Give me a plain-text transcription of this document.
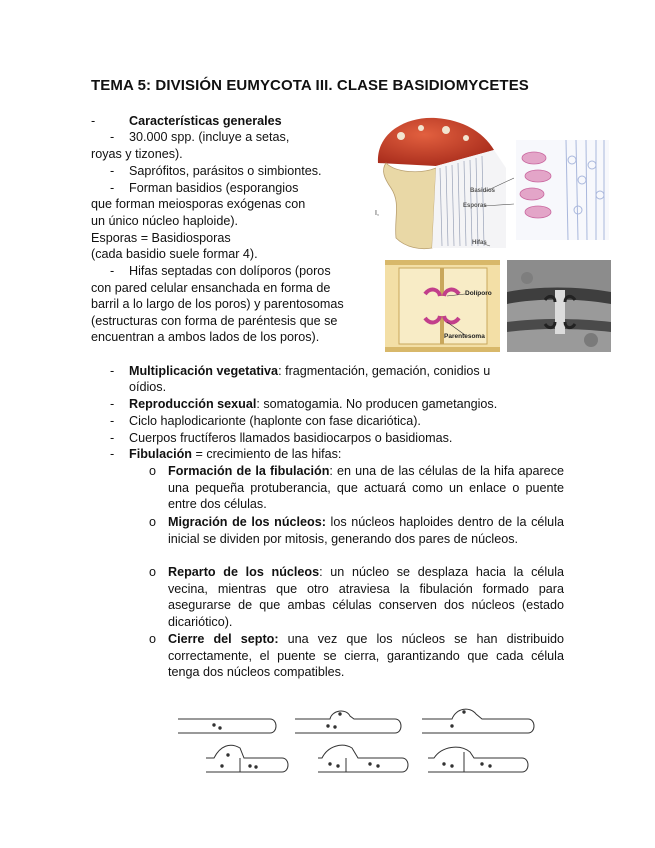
TEMA 5: DIVISIÓN EUMYCOTA III. CLASE BASIDIOMYCETES
-	Características generales
- 30.000 spp. (incluye a setas,
royas y tizones).
- Saprófitos, parásitos o simbiontes.
- Forman basidios (esporangios
que forman meiosporas exógenas con
un único núcleo haploide).
Esporas = Basidiosporas
(cada basidio suele formar 4).
- Hifas septadas con dolíporos (poros
con pared celular ensanchada en forma de
barril a lo largo de los poros) y parentosomas
(estructuras con forma de paréntesis que se
encuentran a ambos lados de los poros).
Basidios
Esporas
Hifas
I,
Dolíporo
Parentesoma
- Multiplicación vegetativa: fragmentación, gemación, conidios u
oídios.
- Reproducción sexual: somatogamia. No producen gametangios.
- Ciclo haplodicarionte (haplonte con fase dicariótica).
- Cuerpos fructíferos llamados basidiocarpos o basidiomas.
- Fibulación = crecimiento de las hifas:
o Formación de la fibulación: en una de las células de la hifa aparece una pequeña protuberancia, que actuará como un enlace o puente entre dos células.
o Migración de los núcleos: los núcleos haploides dentro de la célula inicial se dividen por mitosis, generando dos pares de núcleos.
o Reparto de los núcleos: un núcleo se desplaza hacia la célula vecina, mientras que otro atraviesa la fibulación formado para asegurarse de que ambas células conserven dos núcleos (estado dicariótico).
o Cierre del septo: una vez que los núcleos se han distribuido correctamente, el puente se cierra, garantizando que cada célula tenga dos núcleos compatibles.
